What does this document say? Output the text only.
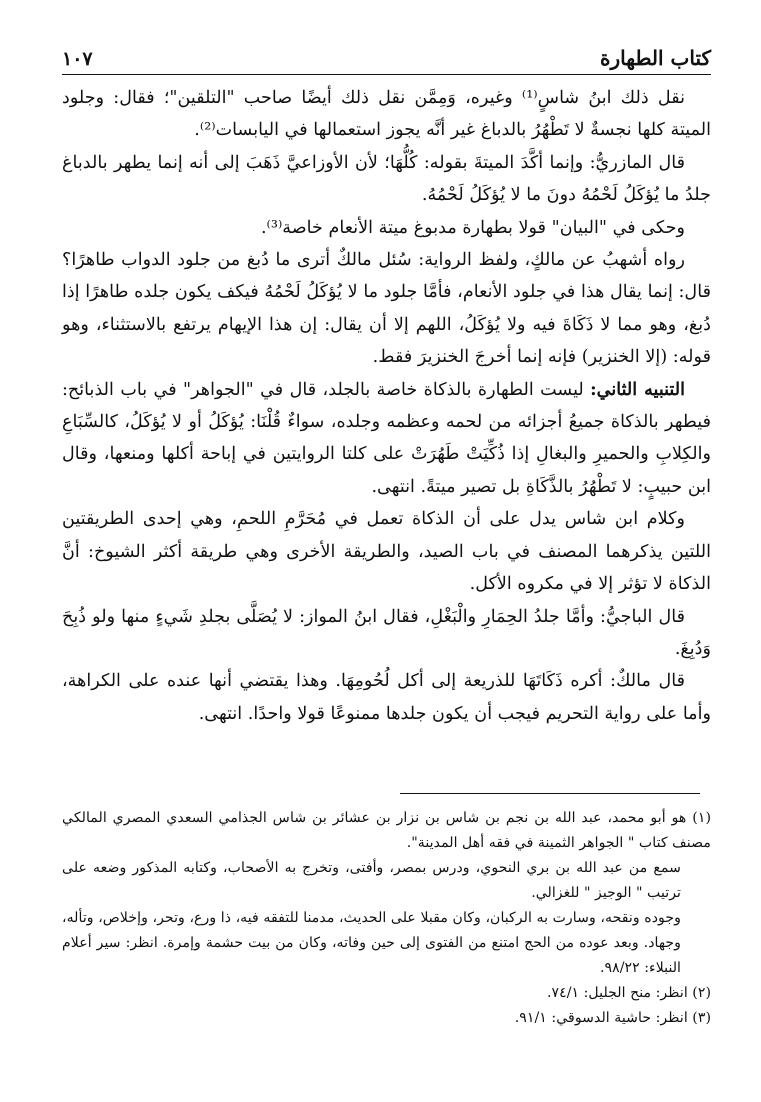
كتاب الطهارة
١٠٧

نقل ذلك ابنُ شاسٍ⁽¹⁾ وغيره، وَمِمَّن نقل ذلك أيضًا صاحب "التلقين"؛ فقال: وجلود الميتة كلها نجسةٌ لا تَطْهُرُ بالدباغ غير أنَّه يجوز استعمالها في اليابسات⁽²⁾.

قال المازريُّ: وإنما أكَّدَ الميتةَ بقوله: كُلُّهَا؛ لأن الأوزاعيَّ ذَهَبَ إلى أنه إنما يطهر بالدباغ جلدُ ما يُؤكَلُ لَحْمُهُ دونَ ما لا يُؤكَلُ لَحْمُهُ.

وحكى في "البيان" قولا بطهارة مدبوغ ميتة الأنعام خاصة⁽³⁾.

رواه أشهبُ عن مالكٍ، ولفظ الرواية: سُئل مالكٌ أترى ما دُبغ من جلود الدواب طاهرًا؟ قال: إنما يقال هذا في جلود الأنعام، فأمَّا جلود ما لا يُؤكَلُ لَحْمُهُ فيكف يكون جلده طاهرًا إذا دُبغ، وهو مما لا ذَكَاةَ فيه ولا يُؤكَلُ، اللهم إلا أن يقال: إن هذا الإيهام يرتفع بالاستثناء، وهو قوله: (إلا الخنزير) فإنه إنما أخرجَ الخنزيرَ فقط.

التنبيه الثاني: ليست الطهارة بالذكاة خاصة بالجلد، قال في "الجواهر" في باب الذبائح: فيطهر بالذكاة جميعُ أجزائه من لحمه وعظمه وجلده، سواءٌ قُلْنَا: يُؤكَلُ أو لا يُؤكَلُ، كالسِّبَاعِ والكِلابِ والحميرِ والبغالِ إذا ذُكِّيَتْ طَهُرَتْ على كلتا الروايتين في إباحة أكلها ومنعها، وقال ابن حبيبٍ: لا تَطْهُرُ بالذَّكَاةِ بل تصير ميتةً. انتهى.

وكلام ابن شاس يدل على أن الذكاة تعمل في مُحَرَّمِ اللحمِ، وهي إحدى الطريقتين اللتين يذكرهما المصنف في باب الصيد، والطريقة الأخرى وهي طريقة أكثر الشيوخ: أنَّ الذكاة لا تؤثر إلا في مكروه الأكل.

قال الباجيُّ: وأمَّا جلدُ الحِمَارِ والْبَغْلِ، فقال ابنُ المواز: لا يُصَلَّى بجلدِ شَيءٍ منها ولو ذُبِحَ وَدُبِغَ.

قال مالكٌ: أكره ذَكَاتَهَا للذريعة إلى أكل لُحُومِهَا. وهذا يقتضي أنها عنده على الكراهة، وأما على رواية التحريم فيجب أن يكون جلدها ممنوعًا قولا واحدًا. انتهى.

(١) هو أبو محمد، عبد الله بن نجم بن شاس بن نزار بن عشائر بن شاس الجذامي السعدي المصري المالكي مصنف كتاب " الجواهر الثمينة في فقه أهل المدينة".

سمع من عبد الله بن بري النحوي، ودرس بمصر، وأفتى، وتخرج به الأصحاب، وكتابه المذكور وضعه على ترتيب " الوجيز " للغزالي.

وجوده ونقحه، وسارت به الركبان، وكان مقبلا على الحديث، مدمنا للتفقه فيه، ذا ورع، وتحر، وإخلاص، وتأله، وجهاد. وبعد عوده من الحج امتنع من الفتوى إلى حين وفاته، وكان من بيت حشمة وإمرة. انظر: سير أعلام النبلاء: ٩٨/٢٢.

(٢) انظر: منح الجليل: ٧٤/١.

(٣) انظر: حاشية الدسوقي: ٩١/١.
